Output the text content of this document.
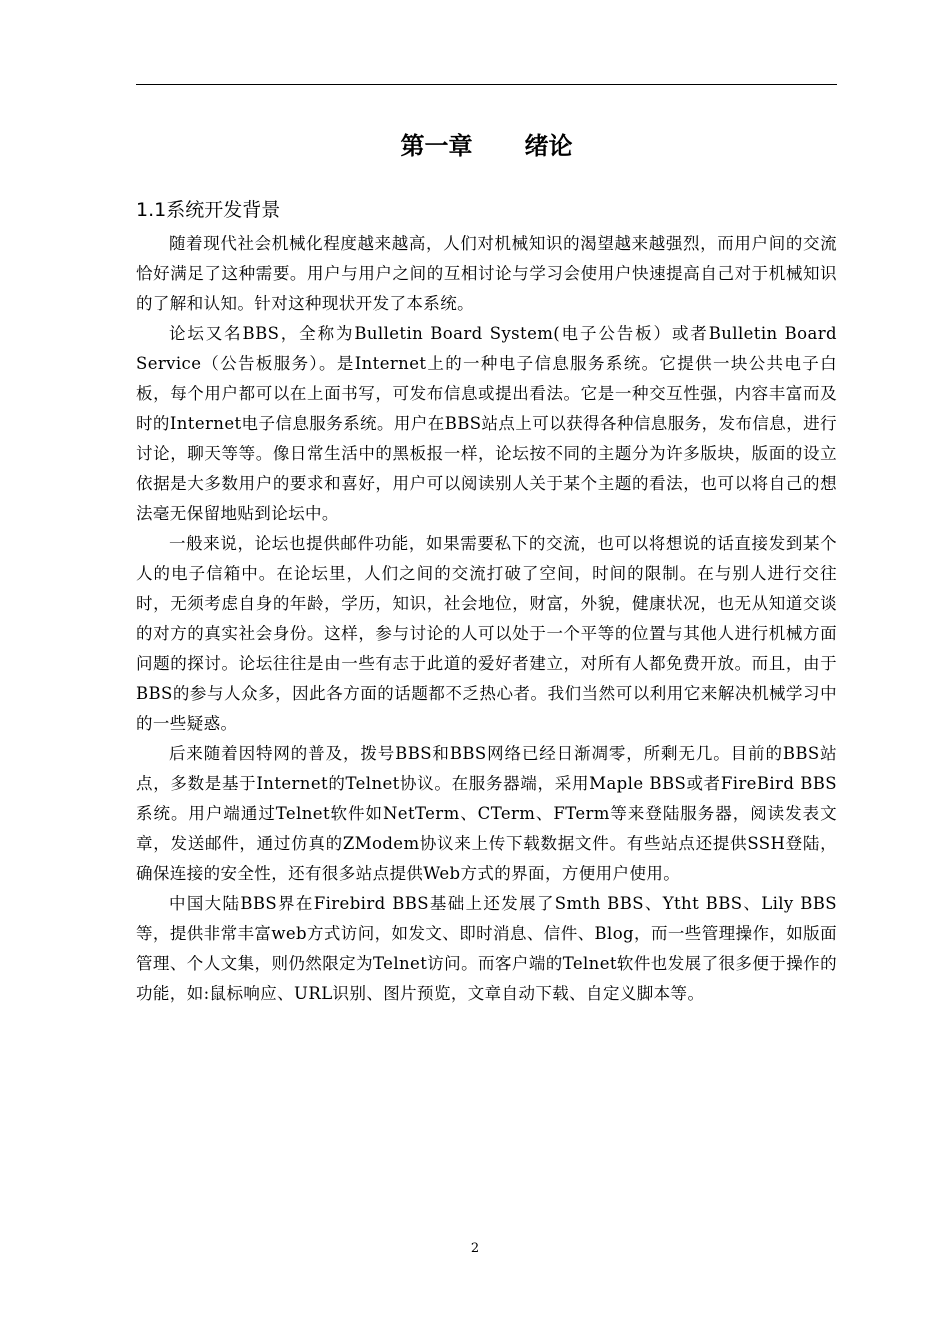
第一章 绪论
1.1系统开发背景

随着现代社会机械化程度越来越高，人们对机械知识的渴望越来越强烈，而用户间的交流恰好满足了这种需要。用户与用户之间的互相讨论与学习会使用户快速提高自己对于机械知识的了解和认知。针对这种现状开发了本系统。

论坛又名BBS，全称为Bulletin Board System(电子公告板）或者Bulletin Board Service（公告板服务）。是Internet上的一种电子信息服务系统。它提供一块公共电子白板，每个用户都可以在上面书写，可发布信息或提出看法。它是一种交互性强，内容丰富而及时的Internet电子信息服务系统。用户在BBS站点上可以获得各种信息服务，发布信息，进行讨论，聊天等等。像日常生活中的黑板报一样，论坛按不同的主题分为许多版块，版面的设立依据是大多数用户的要求和喜好，用户可以阅读别人关于某个主题的看法，也可以将自己的想法毫无保留地贴到论坛中。

一般来说，论坛也提供邮件功能，如果需要私下的交流，也可以将想说的话直接发到某个人的电子信箱中。在论坛里，人们之间的交流打破了空间，时间的限制。在与别人进行交往时，无须考虑自身的年龄，学历，知识，社会地位，财富，外貌，健康状况，也无从知道交谈的对方的真实社会身份。这样，参与讨论的人可以处于一个平等的位置与其他人进行机械方面问题的探讨。论坛往往是由一些有志于此道的爱好者建立，对所有人都免费开放。而且，由于BBS的参与人众多，因此各方面的话题都不乏热心者。我们当然可以利用它来解决机械学习中的一些疑惑。

后来随着因特网的普及，拨号BBS和BBS网络已经日渐凋零，所剩无几。目前的BBS站点，多数是基于Internet的Telnet协议。在服务器端，采用Maple BBS或者FireBird BBS系统。用户端通过Telnet软件如NetTerm、CTerm、FTerm等来登陆服务器，阅读发表文章，发送邮件，通过仿真的ZModem协议来上传下载数据文件。有些站点还提供SSH登陆，确保连接的安全性，还有很多站点提供Web方式的界面，方便用户使用。

中国大陆BBS界在Firebird BBS基础上还发展了Smth BBS、Ytht BBS、Lily BBS等，提供非常丰富web方式访问，如发文、即时消息、信件、Blog，而一些管理操作，如版面管理、个人文集，则仍然限定为Telnet访问。而客户端的Telnet软件也发展了很多便于操作的功能，如:鼠标响应、URL识别、图片预览，文章自动下载、自定义脚本等。

2
